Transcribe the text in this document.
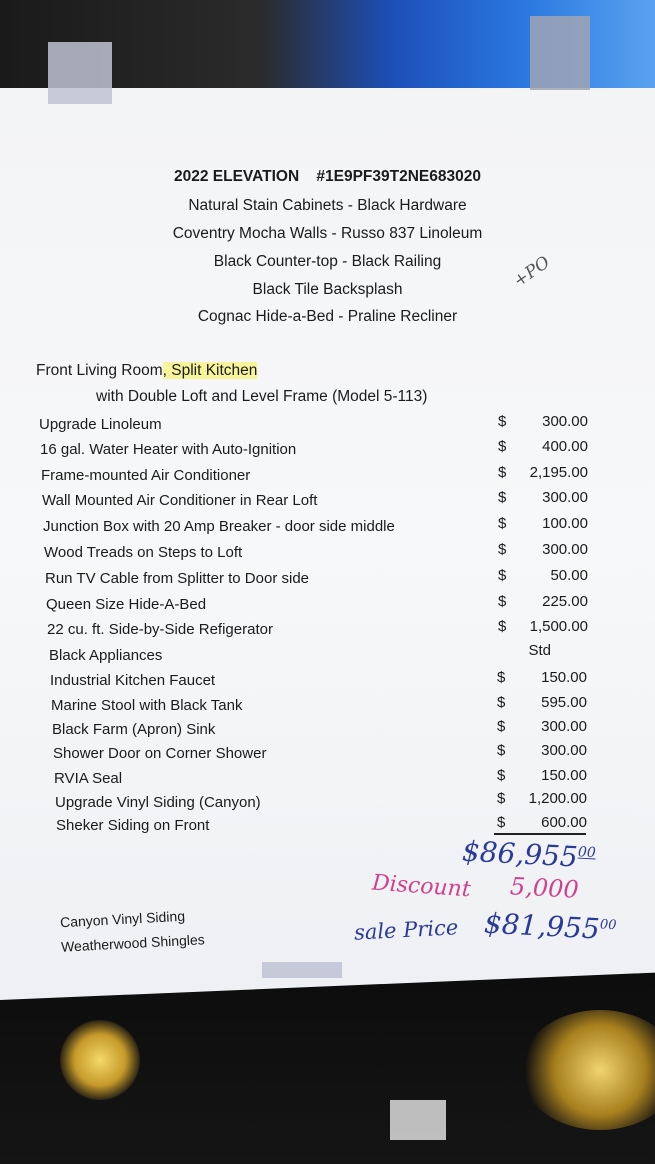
2022 ELEVATION    #1E9PF39T2NE683020
Natural Stain Cabinets - Black Hardware
Coventry Mocha Walls - Russo 837 Linoleum
Black Counter-top - Black Railing
Black Tile Backsplash
Cognac Hide-a-Bed - Praline Recliner
+PO
Front Living Room, Split Kitchen
with Double Loft and Level Frame (Model 5-113)
Upgrade Linoleum	$	300.00
16 gal. Water Heater with Auto-Ignition	$	400.00
Frame-mounted Air Conditioner	$	2,195.00
Wall Mounted Air Conditioner in Rear Loft	$	300.00
Junction Box with 20 Amp Breaker - door side middle	$	100.00
Wood Treads on Steps to Loft	$	300.00
Run TV Cable from Splitter to Door side	$	50.00
Queen Size Hide-A-Bed	$	225.00
22 cu. ft. Side-by-Side Refigerator	$	1,500.00
Black Appliances	Std
Industrial Kitchen Faucet	$	150.00
Marine Stool with Black Tank	$	595.00
Black Farm (Apron) Sink	$	300.00
Shower Door on Corner Shower	$	300.00
RVIA Seal	$	150.00
Upgrade Vinyl Siding (Canyon)	$	1,200.00
Sheker Siding on Front	$	600.00
$86,955$^{00}$
Discount 5,000
sale Price $81,955$^{00}$
Canyon Vinyl Siding
Weatherwood Shingles
